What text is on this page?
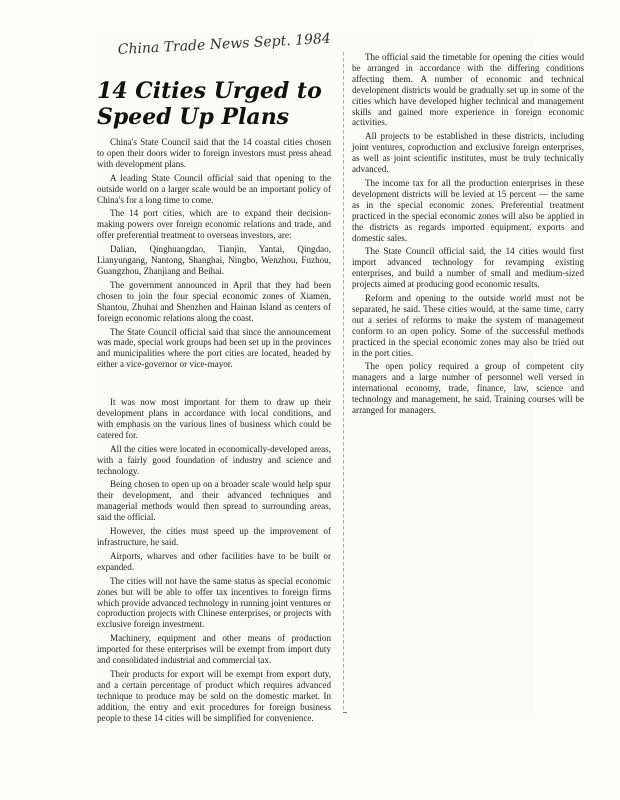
China Trade News Sept. 1984
14 Cities Urged to
Speed Up Plans

China's State Council said that the 14 coastal cities chosen to open their doors wider to foreign investors must press ahead with development plans.

A leading State Council official said that opening to the outside world on a larger scale would be an important policy of China's for a long time to come.

The 14 port cities, which are to expand their decision-making powers over foreign economic relations and trade, and offer preferential treatment to overseas investors, are:

Dalian, Qinghuangdao, Tianjin, Yantai, Qingdao, Lianyungang, Nantong, Shanghai, Ningbo, Wenzhou, Fuzhou, Guangzhou, Zhanjiang and Beihai.

The government announced in April that they had been chosen to join the four special economic zones of Xiamen, Shantou, Zhuhai and Shenzhen and Hainan Island as centers of foreign economic relations along the coast.

The State Council official said that since the announcement was made, special work groups had been set up in the provinces and municipalities where the port cities are located, headed by either a vice-governor or vice-mayor.

It was now most important for them to draw up their development plans in accordance with local conditions, and with emphasis on the various lines of business which could be catered for.

All the cities were located in economically-developed areas, with a fairly good foundation of industry and science and technology.

Being chosen to open up on a broader scale would help spur their development, and their advanced techniques and managerial methods would then spread to surrounding areas, said the official.

However, the cities must speed up the improvement of infrastructure, he said.

Airports, wharves and other facilities have to be built or expanded.

The cities will not have the same status as special economic zones but will be able to offer tax incentives to foreign firms which provide advanced technology in running joint ventures or coproduction projects with Chinese enterprises, or projects with exclusive foreign investment.

Machinery, equipment and other means of production imported for these enterprises will be exempt from import duty and consolidated industrial and commercial tax.

Their products for export will be exempt from export duty, and a certain percentage of product which requires advanced technique to produce may be sold on the domestic market. In addition, the entry and exit procedures for foreign business people to these 14 cities will be simplified for convenience.

The official said the timetable for opening the cities would be arranged in accordance with the differing conditions affecting them. A number of economic and technical development districts would be gradually set up in some of the cities which have developed higher technical and management skills and gained more experience in foreign economic activities.

All projects to be established in these districts, including joint ventures, coproduction and exclusive foreign enterprises, as well as joint scientific institutes, must be truly technically advanced.

The income tax for all the production enterprises in these development districts will be levied at 15 percent — the same as in the special economic zones. Preferential treatment practiced in the special economic zones will also be applied in the districts as regards imported equipment, exports and domestic sales.

The State Council official said, the 14 cities would first import advanced technology for revamping existing enterprises, and build a number of small and medium-sized projects aimed at producing good economic results.

Reform and opening to the outside world must not be separated, he said. These cities would, at the same time, carry out a series of reforms to make the system of management conform to an open policy. Some of the successful methods practiced in the special economic zones may also be tried out in the port cities.

The open policy required a group of competent city managers and a large number of personnel well versed in international economy, trade, finance, law, science and technology and management, he said. Training courses will be arranged for managers.
